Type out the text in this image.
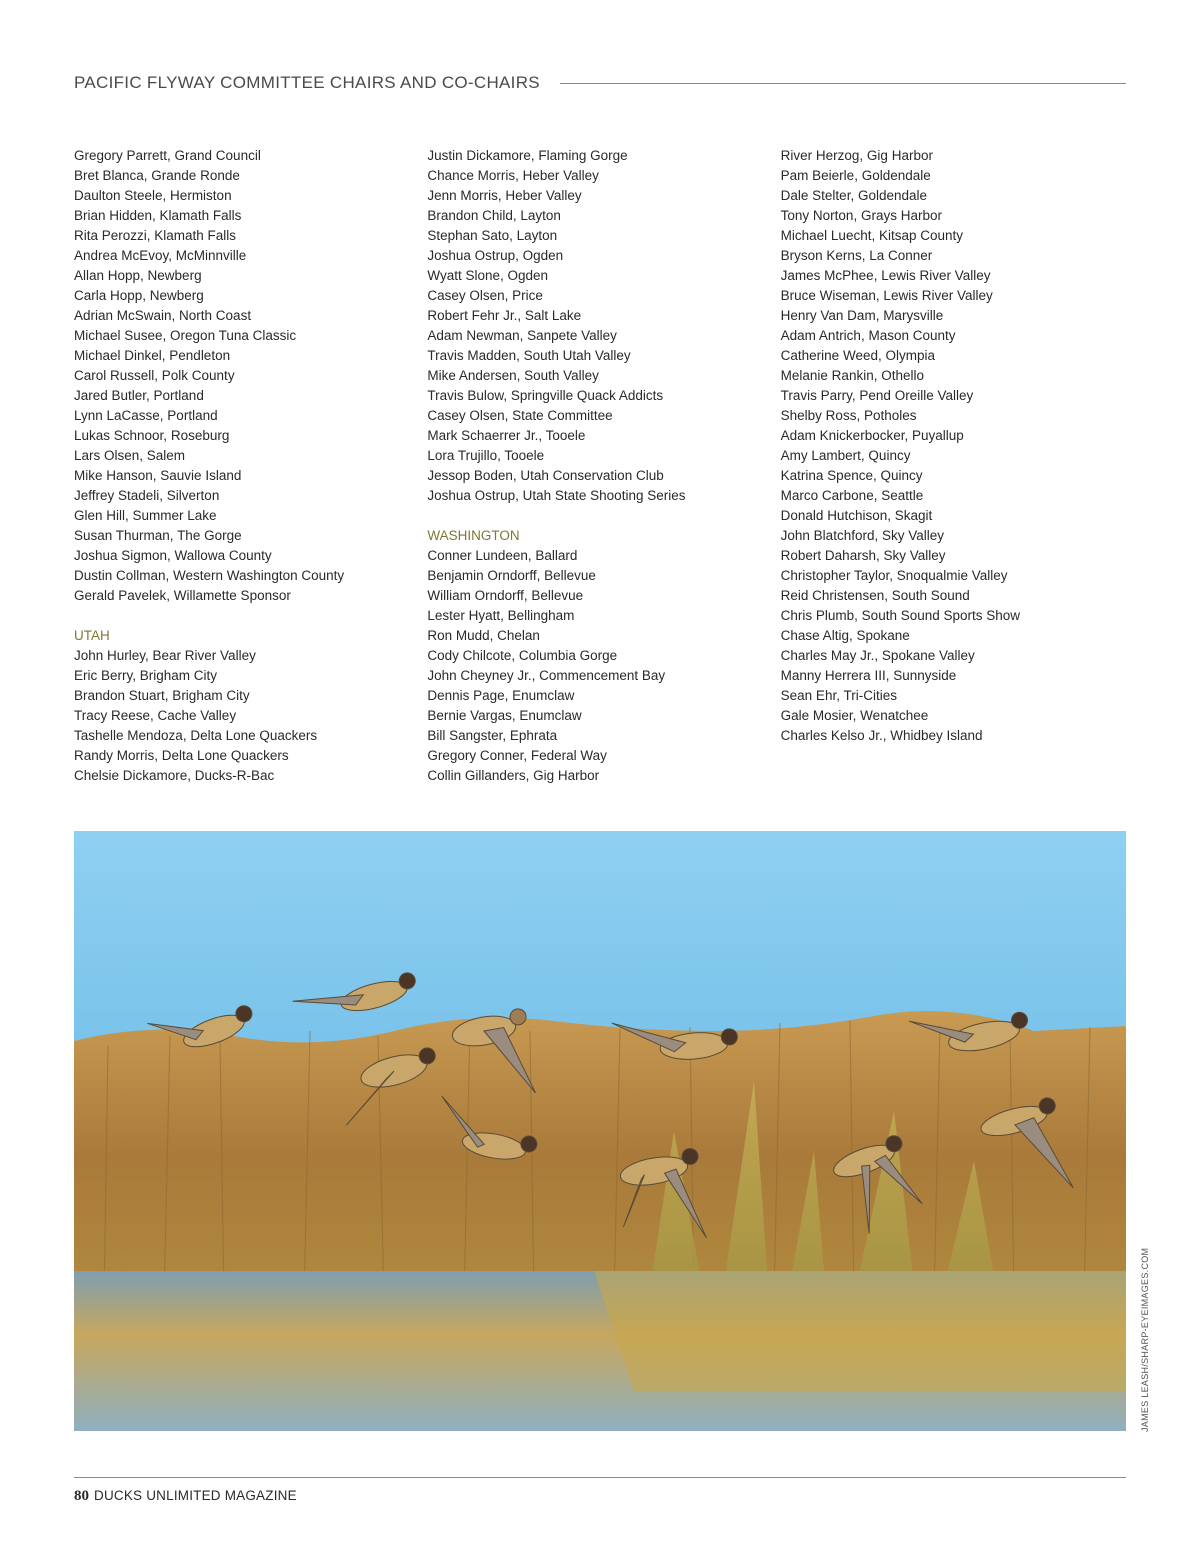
PACIFIC FLYWAY COMMITTEE CHAIRS AND CO-CHAIRS
Gregory Parrett, Grand Council
Bret Blanca, Grande Ronde
Daulton Steele, Hermiston
Brian Hidden, Klamath Falls
Rita Perozzi, Klamath Falls
Andrea McEvoy, McMinnville
Allan Hopp, Newberg
Carla Hopp, Newberg
Adrian McSwain, North Coast
Michael Susee, Oregon Tuna Classic
Michael Dinkel, Pendleton
Carol Russell, Polk County
Jared Butler, Portland
Lynn LaCasse, Portland
Lukas Schnoor, Roseburg
Lars Olsen, Salem
Mike Hanson, Sauvie Island
Jeffrey Stadeli, Silverton
Glen Hill, Summer Lake
Susan Thurman, The Gorge
Joshua Sigmon, Wallowa County
Dustin Collman, Western Washington County
Gerald Pavelek, Willamette Sponsor
UTAH
John Hurley, Bear River Valley
Eric Berry, Brigham City
Brandon Stuart, Brigham City
Tracy Reese, Cache Valley
Tashelle Mendoza, Delta Lone Quackers
Randy Morris, Delta Lone Quackers
Chelsie Dickamore, Ducks-R-Bac
Justin Dickamore, Flaming Gorge
Chance Morris, Heber Valley
Jenn Morris, Heber Valley
Brandon Child, Layton
Stephan Sato, Layton
Joshua Ostrup, Ogden
Wyatt Slone, Ogden
Casey Olsen, Price
Robert Fehr Jr., Salt Lake
Adam Newman, Sanpete Valley
Travis Madden, South Utah Valley
Mike Andersen, South Valley
Travis Bulow, Springville Quack Addicts
Casey Olsen, State Committee
Mark Schaerrer Jr., Tooele
Lora Trujillo, Tooele
Jessop Boden, Utah Conservation Club
Joshua Ostrup, Utah State Shooting Series
WASHINGTON
Conner Lundeen, Ballard
Benjamin Orndorff, Bellevue
William Orndorff, Bellevue
Lester Hyatt, Bellingham
Ron Mudd, Chelan
Cody Chilcote, Columbia Gorge
John Cheyney Jr., Commencement Bay
Dennis Page, Enumclaw
Bernie Vargas, Enumclaw
Bill Sangster, Ephrata
Gregory Conner, Federal Way
Collin Gillanders, Gig Harbor
River Herzog, Gig Harbor
Pam Beierle, Goldendale
Dale Stelter, Goldendale
Tony Norton, Grays Harbor
Michael Luecht, Kitsap County
Bryson Kerns, La Conner
James McPhee, Lewis River Valley
Bruce Wiseman, Lewis River Valley
Henry Van Dam, Marysville
Adam Antrich, Mason County
Catherine Weed, Olympia
Melanie Rankin, Othello
Travis Parry, Pend Oreille Valley
Shelby Ross, Potholes
Adam Knickerbocker, Puyallup
Amy Lambert, Quincy
Katrina Spence, Quincy
Marco Carbone, Seattle
Donald Hutchison, Skagit
John Blatchford, Sky Valley
Robert Daharsh, Sky Valley
Christopher Taylor, Snoqualmie Valley
Reid Christensen, South Sound
Chris Plumb, South Sound Sports Show
Chase Altig, Spokane
Charles May Jr., Spokane Valley
Manny Herrera III, Sunnyside
Sean Ehr, Tri-Cities
Gale Mosier, Wenatchee
Charles Kelso Jr., Whidbey Island
JAMES LEASH/SHARP-EYEIMAGES.COM
80 DUCKS UNLIMITED MAGAZINE
